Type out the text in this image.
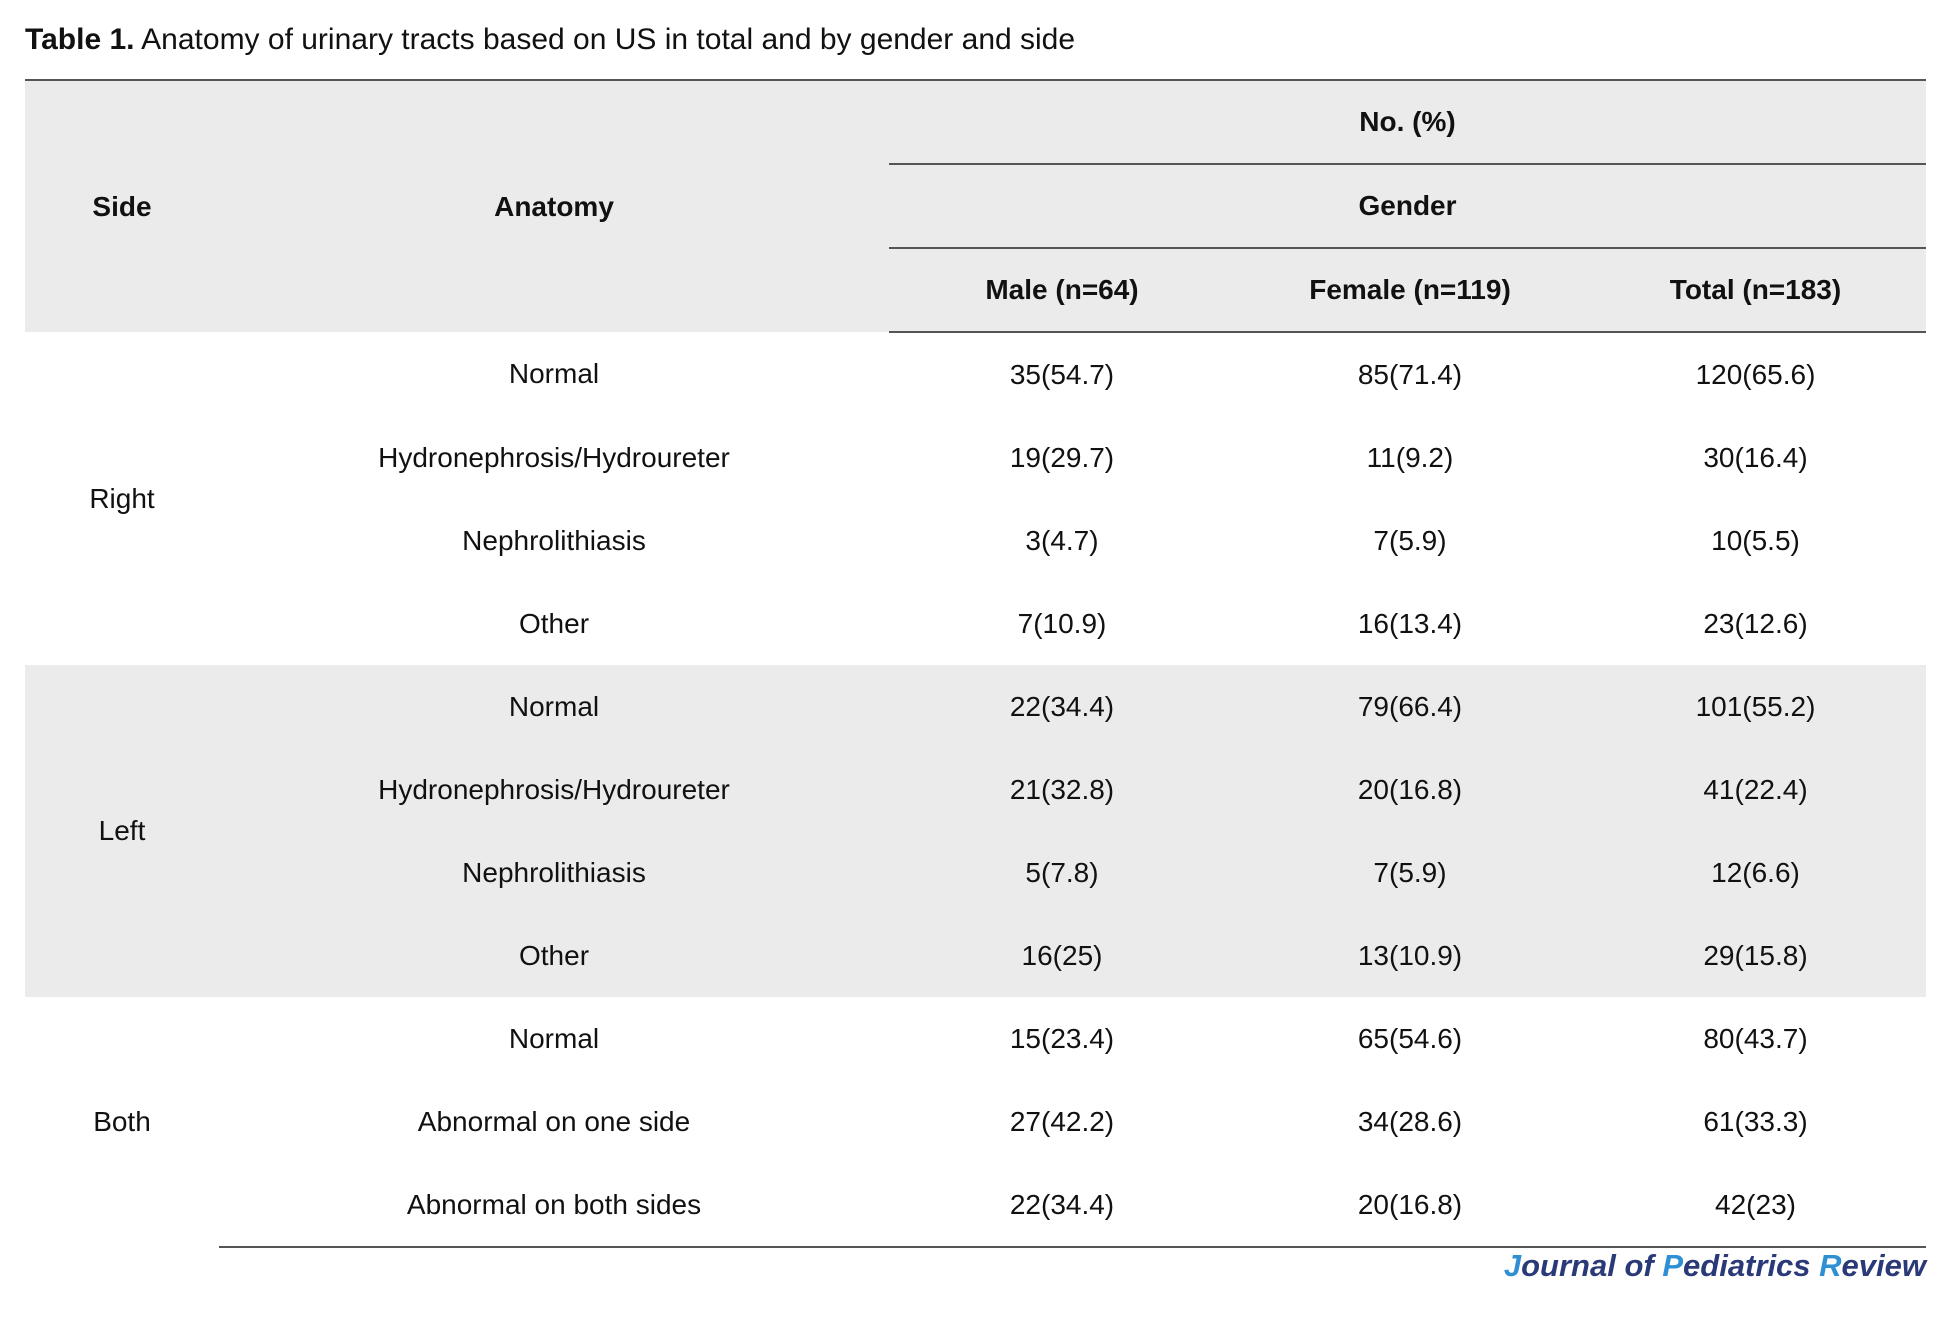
Table 1. Anatomy of urinary tracts based on US in total and by gender and side
Side	Anatomy	No. (%)		
		Gender		
		Male (n=64)	Female (n=119)	Total (n=183)
Right	Normal	35(54.7)	85(71.4)	120(65.6)
	Hydronephrosis/Hydroureter	19(29.7)	11(9.2)	30(16.4)
	Nephrolithiasis	3(4.7)	7(5.9)	10(5.5)
	Other	7(10.9)	16(13.4)	23(12.6)
Left	Normal	22(34.4)	79(66.4)	101(55.2)
	Hydronephrosis/Hydroureter	21(32.8)	20(16.8)	41(22.4)
	Nephrolithiasis	5(7.8)	7(5.9)	12(6.6)
	Other	16(25)	13(10.9)	29(15.8)
Both	Normal	15(23.4)	65(54.6)	80(43.7)
	Abnormal on one side	27(42.2)	34(28.6)	61(33.3)
	Abnormal on both sides	22(34.4)	20(16.8)	42(23)
Journal of Pediatrics Review
